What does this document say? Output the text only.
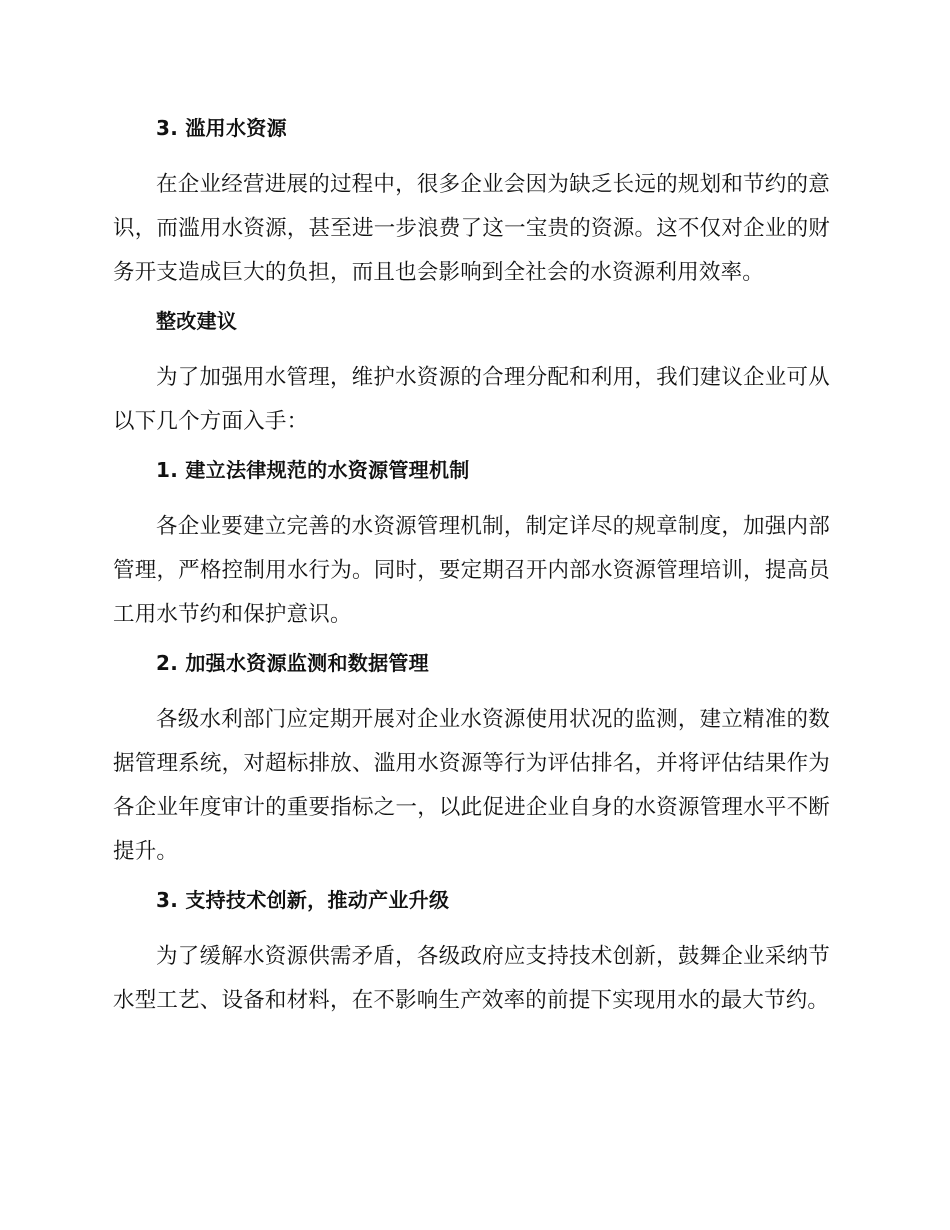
3. 滥用水资源

在企业经营进展的过程中，很多企业会因为缺乏长远的规划和节约的意识，而滥用水资源，甚至进一步浪费了这一宝贵的资源。这不仅对企业的财务开支造成巨大的负担，而且也会影响到全社会的水资源利用效率。

整改建议

为了加强用水管理，维护水资源的合理分配和利用，我们建议企业可从以下几个方面入手：

1. 建立法律规范的水资源管理机制

各企业要建立完善的水资源管理机制，制定详尽的规章制度，加强内部管理，严格控制用水行为。同时，要定期召开内部水资源管理培训，提高员工用水节约和保护意识。

2. 加强水资源监测和数据管理

各级水利部门应定期开展对企业水资源使用状况的监测，建立精准的数据管理系统，对超标排放、滥用水资源等行为评估排名，并将评估结果作为各企业年度审计的重要指标之一，以此促进企业自身的水资源管理水平不断提升。

3. 支持技术创新，推动产业升级

为了缓解水资源供需矛盾，各级政府应支持技术创新，鼓舞企业采纳节水型工艺、设备和材料，在不影响生产效率的前提下实现用水的最大节约。
